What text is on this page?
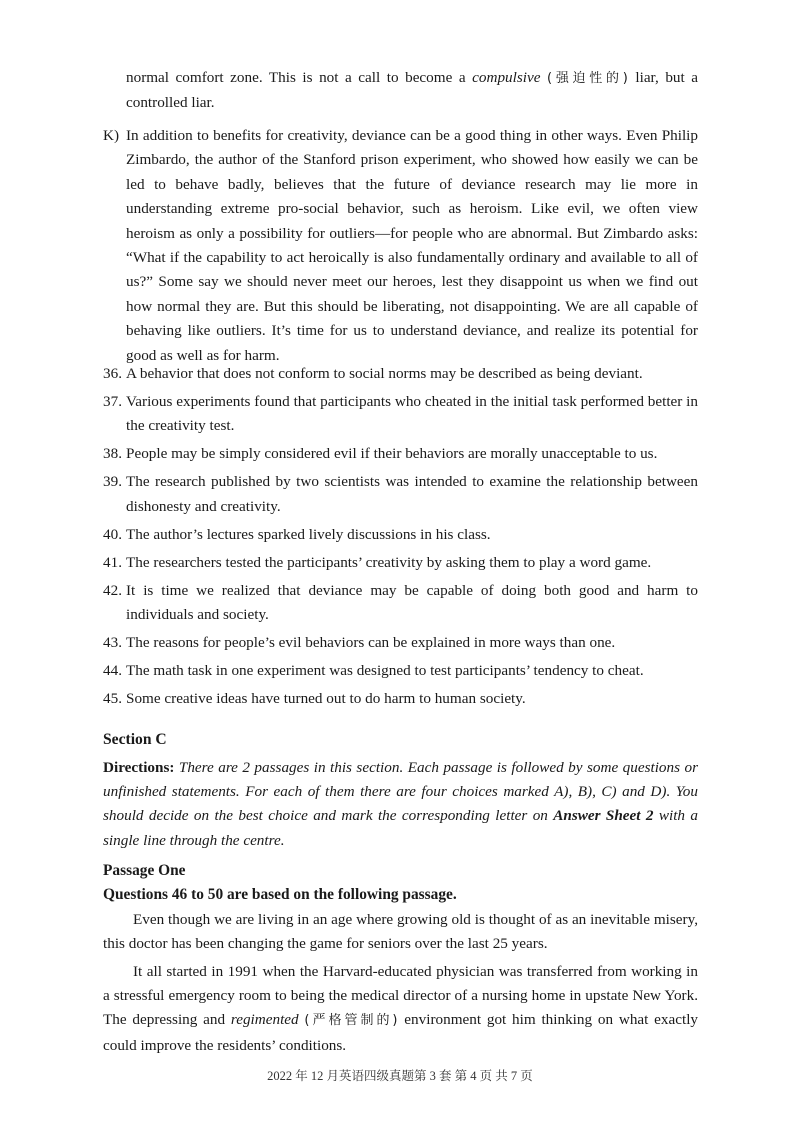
normal comfort zone. This is not a call to become a compulsive (强迫性的) liar, but a controlled liar.

K) In addition to benefits for creativity, deviance can be a good thing in other ways. Even Philip Zimbardo, the author of the Stanford prison experiment, who showed how easily we can be led to behave badly, believes that the future of deviance research may lie more in understanding extreme pro-social behavior, such as heroism. Like evil, we often view heroism as only a possibility for outliers—for people who are abnormal. But Zimbardo asks: “What if the capability to act heroically is also fundamentally ordinary and available to all of us?” Some say we should never meet our heroes, lest they disappoint us when we find out how normal they are. But this should be liberating, not disappointing. We are all capable of behaving like outliers. It’s time for us to understand deviance, and realize its potential for good as well as for harm.

36. A behavior that does not conform to social norms may be described as being deviant.

37. Various experiments found that participants who cheated in the initial task performed better in the creativity test.

38. People may be simply considered evil if their behaviors are morally unacceptable to us.

39. The research published by two scientists was intended to examine the relationship between dishonesty and creativity.

40. The author’s lectures sparked lively discussions in his class.

41. The researchers tested the participants’ creativity by asking them to play a word game.

42. It is time we realized that deviance may be capable of doing both good and harm to individuals and society.

43. The reasons for people’s evil behaviors can be explained in more ways than one.

44. The math task in one experiment was designed to test participants’ tendency to cheat.

45. Some creative ideas have turned out to do harm to human society.

Section C

Directions: There are 2 passages in this section. Each passage is followed by some questions or unfinished statements. For each of them there are four choices marked A), B), C) and D). You should decide on the best choice and mark the corresponding letter on Answer Sheet 2 with a single line through the centre.

Passage One
Questions 46 to 50 are based on the following passage.

Even though we are living in an age where growing old is thought of as an inevitable misery, this doctor has been changing the game for seniors over the last 25 years.

It all started in 1991 when the Harvard-educated physician was transferred from working in a stressful emergency room to being the medical director of a nursing home in upstate New York. The depressing and regimented (严格管制的) environment got him thinking on what exactly could improve the residents’ conditions.

2022 年 12 月英语四级真题第 3 套 第 4 页 共 7 页
